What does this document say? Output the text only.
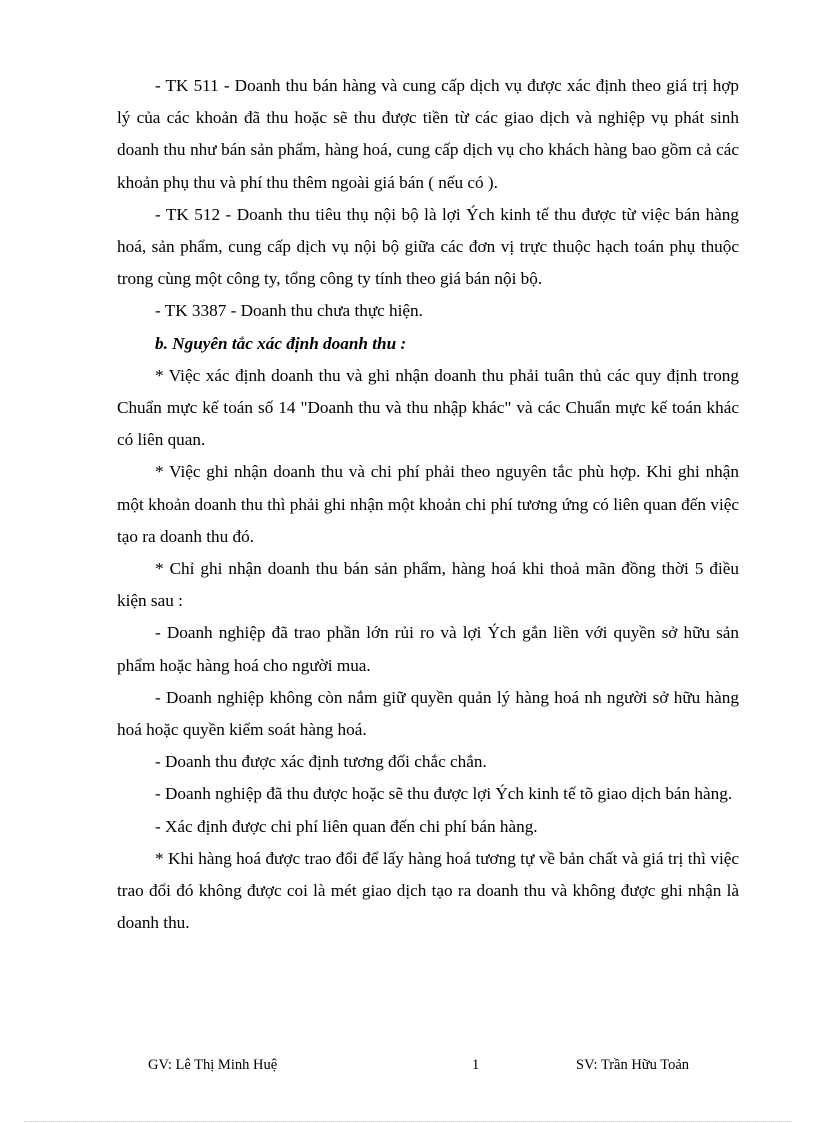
- TK 511 - Doanh thu bán hàng và cung cấp dịch vụ được xác định theo giá trị hợp lý của các khoản đã thu hoặc sẽ thu được tiền từ các giao dịch và nghiệp vụ phát sinh doanh thu như bán sản phẩm, hàng hoá, cung cấp dịch vụ cho khách hàng bao gồm cả các khoản phụ thu và phí thu thêm ngoài giá bán ( nếu có ).

- TK 512 - Doanh thu tiêu thụ nội bộ là lợi Ých kinh tế thu được từ việc bán hàng hoá, sản phẩm, cung cấp dịch vụ nội bộ giữa các đơn vị trực thuộc hạch toán phụ thuộc trong cùng một công ty, tổng công ty tính theo giá bán nội bộ.

- TK 3387 - Doanh thu chưa thực hiện.

b. Nguyên tắc xác định doanh thu :

* Việc xác định doanh thu và ghi nhận doanh thu phải tuân thủ các quy định trong Chuẩn mực kế toán số 14 "Doanh thu và thu nhập khác" và các Chuẩn mực kế toán khác có liên quan.

* Việc ghi nhận doanh thu và chi phí phải theo nguyên tắc phù hợp. Khi ghi nhận một khoản doanh thu thì phải ghi nhận một khoản chi phí tương ứng có liên quan đến việc tạo ra doanh thu đó.

* Chỉ ghi nhận doanh thu bán sản phẩm, hàng hoá khi thoả mãn đồng thời 5 điều kiện sau :

- Doanh nghiệp đã trao phần lớn rủi ro và lợi Ých gắn liền với quyền sở hữu sản phẩm hoặc hàng hoá cho người mua.

- Doanh nghiệp không còn nắm giữ quyền quản lý hàng hoá nh người sở hữu hàng hoá hoặc quyền kiểm soát hàng hoá.

- Doanh thu được xác định tương đối chắc chắn.

- Doanh nghiệp đã thu được hoặc sẽ thu được lợi Ých kinh tế tõ giao dịch bán hàng.

- Xác định được chi phí liên quan đến chi phí bán hàng.

* Khi hàng hoá được trao đổi để lấy hàng hoá tương tự về bản chất và giá trị thì việc trao đổi đó không được coi là mét giao dịch tạo ra doanh thu và không được ghi nhận là doanh thu.

GV: Lê Thị Minh Huệ	1	SV: Trần Hữu Toản
